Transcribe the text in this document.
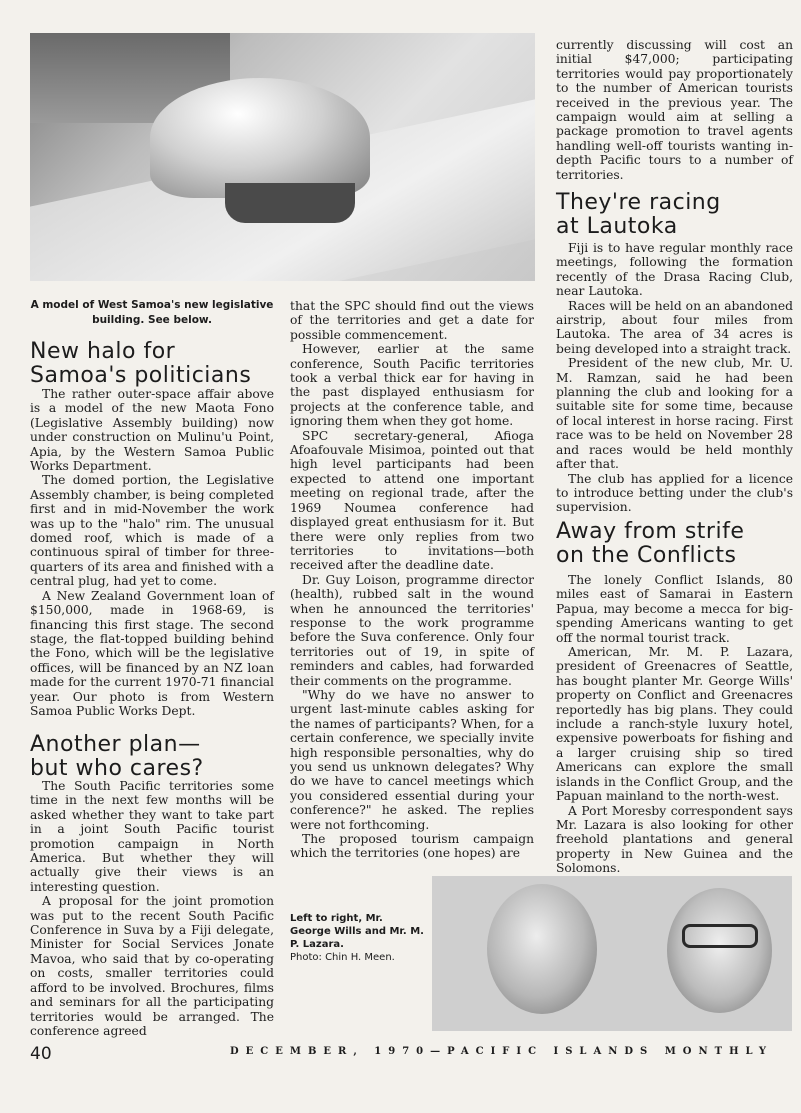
A model of West Samoa's new legislative building. See below.
New halo for
Samoa's politicians

The rather outer-space affair above is a model of the new Maota Fono (Legislative Assembly building) now under construction on Mulinu'u Point, Apia, by the Western Samoa Public Works Department.

The domed portion, the Legislative Assembly chamber, is being completed first and in mid-November the work was up to the "halo" rim. The unusual domed roof, which is made of a continuous spiral of timber for three-quarters of its area and finished with a central plug, had yet to come.

A New Zealand Government loan of $150,000, made in 1968-69, is financing this first stage. The second stage, the flat-topped building behind the Fono, which will be the legislative offices, will be financed by an NZ loan made for the current 1970-71 financial year. Our photo is from Western Samoa Public Works Dept.

Another plan—
but who cares?

The South Pacific territories some time in the next few months will be asked whether they want to take part in a joint South Pacific tourist promotion campaign in North America. But whether they will actually give their views is an interesting question.

A proposal for the joint promotion was put to the recent South Pacific Conference in Suva by a Fiji delegate, Minister for Social Services Jonate Mavoa, who said that by co-operating on costs, smaller territories could afford to be involved. Brochures, films and seminars for all the participating territories would be arranged. The conference agreed

that the SPC should find out the views of the territories and get a date for possible commencement.

However, earlier at the same conference, South Pacific territories took a verbal thick ear for having in the past displayed enthusiasm for projects at the conference table, and ignoring them when they got home.

SPC secretary-general, Afioga Afoafouvale Misimoa, pointed out that high level participants had been expected to attend one important meeting on regional trade, after the 1969 Noumea conference had displayed great enthusiasm for it. But there were only replies from two territories to invitations—both received after the deadline date.

Dr. Guy Loison, programme director (health), rubbed salt in the wound when he announced the territories' response to the work programme before the Suva conference. Only four territories out of 19, in spite of reminders and cables, had forwarded their comments on the programme.

"Why do we have no answer to urgent last-minute cables asking for the names of participants? When, for a certain conference, we specially invite high responsible personalties, why do you send us unknown delegates? Why do we have to cancel meetings which you considered essential during your conference?" he asked. The replies were not forthcoming.

The proposed tourism campaign which the territories (one hopes) are

currently discussing will cost an initial $47,000; participating territories would pay proportionately to the number of American tourists received in the previous year. The campaign would aim at selling a package promotion to travel agents handling well-off tourists wanting in-depth Pacific tours to a number of territories.

They're racing
at Lautoka

Fiji is to have regular monthly race meetings, following the formation recently of the Drasa Racing Club, near Lautoka.

Races will be held on an abandoned airstrip, about four miles from Lautoka. The area of 34 acres is being developed into a straight track.

President of the new club, Mr. U. M. Ramzan, said he had been planning the club and looking for a suitable site for some time, because of local interest in horse racing. First race was to be held on November 28 and races would be held monthly after that.

The club has applied for a licence to introduce betting under the club's supervision.

Away from strife
on the Conflicts

The lonely Conflict Islands, 80 miles east of Samarai in Eastern Papua, may become a mecca for big-spending Americans wanting to get off the normal tourist track.

American, Mr. M. P. Lazara, president of Greenacres of Seattle, has bought planter Mr. George Wills' property on Conflict and Greenacres reportedly has big plans. They could include a ranch-style luxury hotel, expensive powerboats for fishing and a larger cruising ship so tired Americans can explore the small islands in the Conflict Group, and the Papuan mainland to the north-west.

A Port Moresby correspondent says Mr. Lazara is also looking for other freehold plantations and general property in New Guinea and the Solomons.

Left to right, Mr. George Wills and Mr. M. P. Lazara.
Photo: Chin H. Meen.
40	DECEMBER, 1970—PACIFIC ISLANDS MONTHLY
